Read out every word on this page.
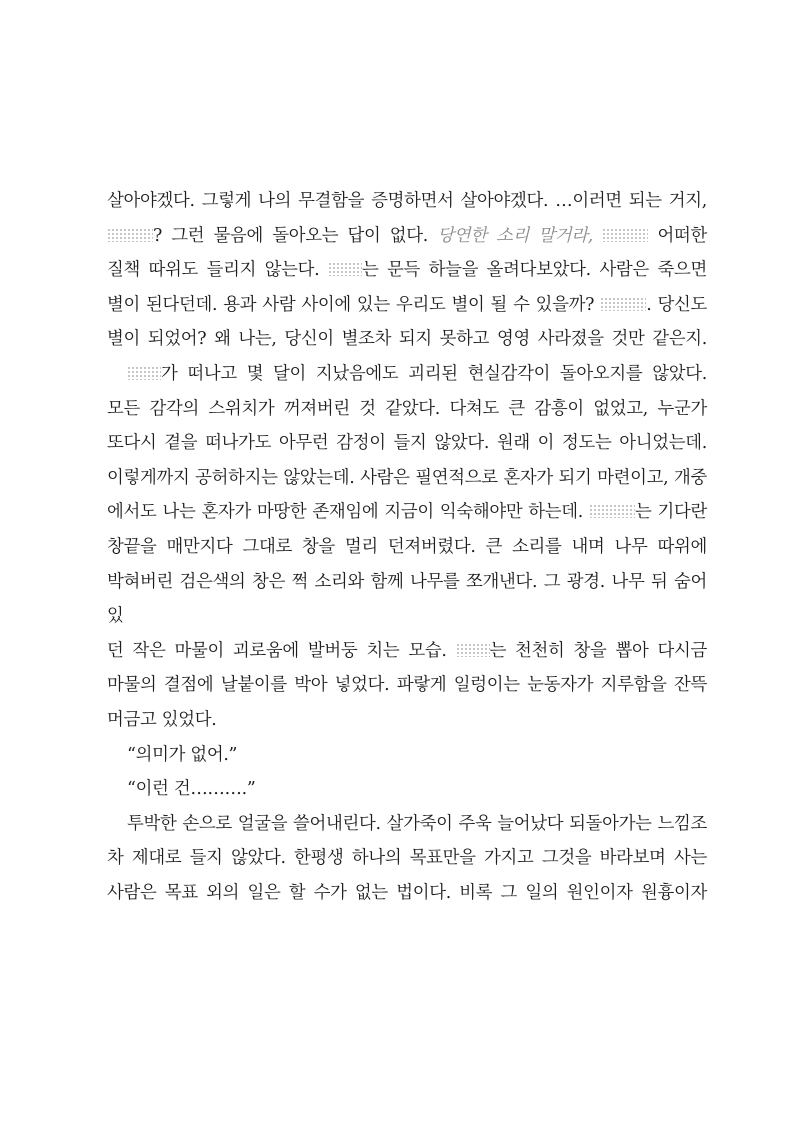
살아야겠다. 그렇게 나의 무결함을 증명하면서 살아야겠다. …이러면 되는 거지,
? 그런 물음에 돌아오는 답이 없다. 당연한 소리 말거라,	어떠한
질책 따위도 들리지 않는다. 는 문득 하늘을 올려다보았다. 사람은 죽으면
별이 된다던데. 용과 사람 사이에 있는 우리도 별이 될 수 있을까?	. 당신도
별이 되었어? 왜 나는, 당신이 별조차 되지 못하고 영영 사라졌을 것만 같은지.
가 떠나고 몇 달이 지났음에도 괴리된 현실감각이 돌아오지를 않았다.
모든 감각의 스위치가 꺼져버린 것 같았다. 다쳐도 큰 감흥이 없었고, 누군가
또다시 곁을 떠나가도 아무런 감정이 들지 않았다. 원래 이 정도는 아니었는데.
이렇게까지 공허하지는 않았는데. 사람은 필연적으로 혼자가 되기 마련이고, 개중
에서도 나는 혼자가 마땅한 존재임에 지금이 익숙해야만 하는데.	는 기다란
창끝을 매만지다 그대로 창을 멀리 던져버렸다. 큰 소리를 내며 나무 따위에
박혀버린 검은색의 창은 쩍 소리와 함께 나무를 쪼개낸다. 그 광경. 나무 뒤 숨어있
던 작은 마물이 괴로움에 발버둥 치는 모습. 는 천천히 창을 뽑아 다시금
마물의 결점에 날붙이를 박아 넣었다. 파랗게 일렁이는 눈동자가 지루함을 잔뜩
머금고 있었다.
“의미가 없어.”
“이런 건……….”
투박한 손으로 얼굴을 쓸어내린다. 살가죽이 주욱 늘어났다 되돌아가는 느낌조
차 제대로 들지 않았다. 한평생 하나의 목표만을 가지고 그것을 바라보며 사는
사람은 목표 외의 일은 할 수가 없는 법이다. 비록 그 일의 원인이자 원흉이자
